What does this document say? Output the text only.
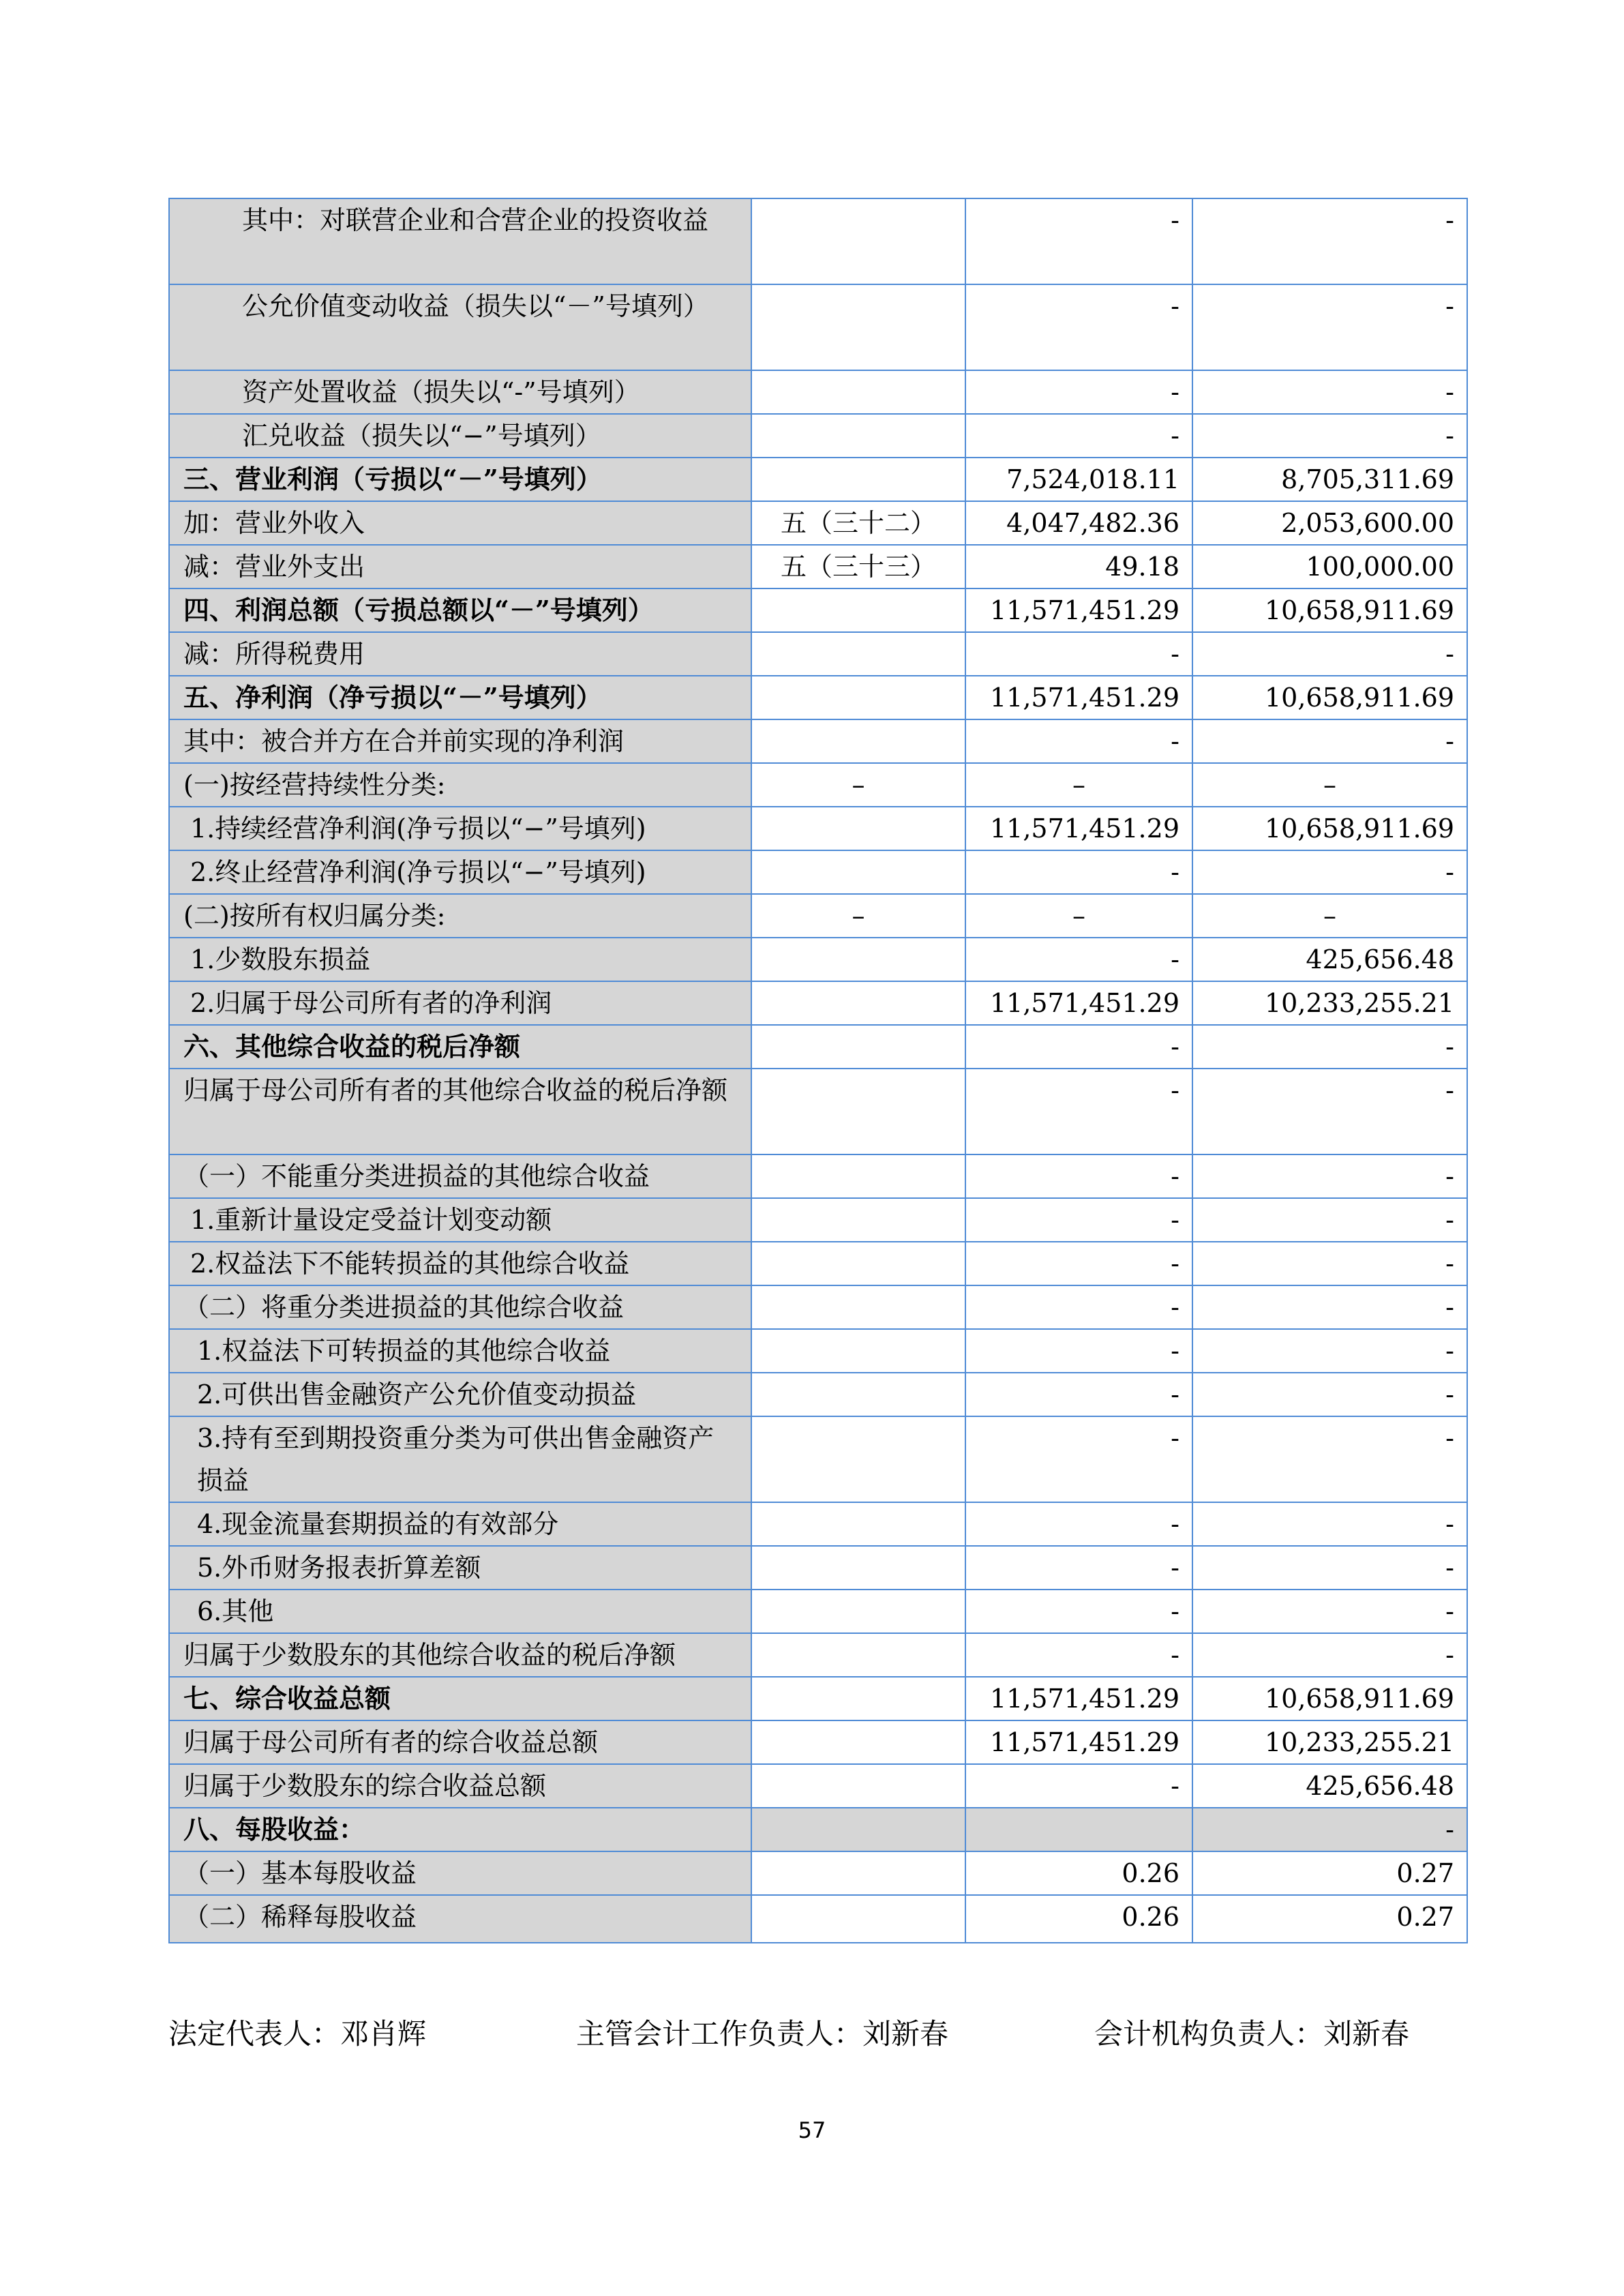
其中：对联营企业和合营企业的投资收益		-	-
公允价值变动收益（损失以“－”号填列）		-	-
资产处置收益（损失以“-”号填列）		-	-
汇兑收益（损失以“−”号填列）		-	-
三、营业利润（亏损以“－”号填列）		7,524,018.11	8,705,311.69
加：营业外收入	五（三十二）	4,047,482.36	2,053,600.00
减：营业外支出	五（三十三）	49.18	100,000.00
四、利润总额（亏损总额以“－”号填列）		11,571,451.29	10,658,911.69
减：所得税费用		-	-
五、净利润（净亏损以“－”号填列）		11,571,451.29	10,658,911.69
其中：被合并方在合并前实现的净利润		-	-
(一)按经营持续性分类:	–	–	–
1.持续经营净利润(净亏损以“−”号填列)		11,571,451.29	10,658,911.69
2.终止经营净利润(净亏损以“−”号填列)		-	-
(二)按所有权归属分类:	–	–	–
1.少数股东损益		-	425,656.48
2.归属于母公司所有者的净利润		11,571,451.29	10,233,255.21
六、其他综合收益的税后净额		-	-
归属于母公司所有者的其他综合收益的税后净额		-	-
（一）不能重分类进损益的其他综合收益		-	-
1.重新计量设定受益计划变动额		-	-
2.权益法下不能转损益的其他综合收益		-	-
（二）将重分类进损益的其他综合收益		-	-
1.权益法下可转损益的其他综合收益		-	-
2.可供出售金融资产公允价值变动损益		-	-
3.持有至到期投资重分类为可供出售金融资产损益		-	-
4.现金流量套期损益的有效部分		-	-
5.外币财务报表折算差额		-	-
6.其他		-	-
归属于少数股东的其他综合收益的税后净额		-	-
七、综合收益总额		11,571,451.29	10,658,911.69
归属于母公司所有者的综合收益总额		11,571,451.29	10,233,255.21
归属于少数股东的综合收益总额		-	425,656.48
八、每股收益：			-
（一）基本每股收益		0.26	0.27
（二）稀释每股收益		0.26	0.27
法定代表人：邓肖辉	主管会计工作负责人：刘新春	会计机构负责人：刘新春
57
